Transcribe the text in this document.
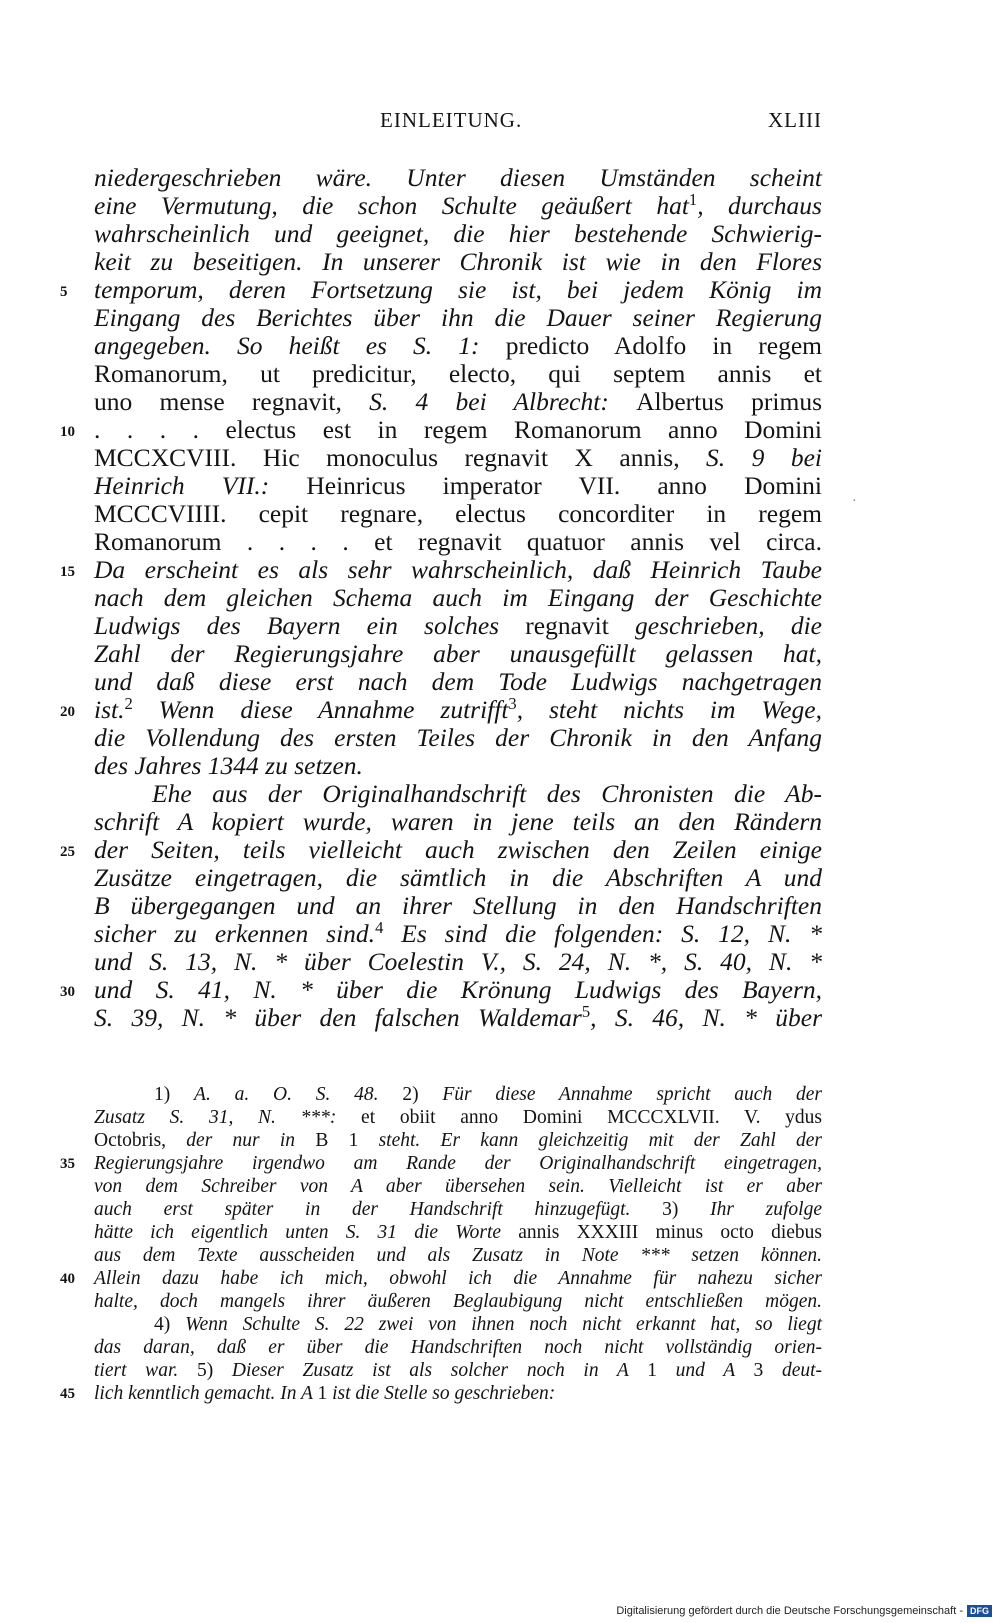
EINLEITUNG.	XLIII
niedergeschrieben wäre. Unter diesen Umständen scheint
eine Vermutung, die schon Schulte geäußert hat$^1$, durchaus
wahrscheinlich und geeignet, die hier bestehende Schwierig-
keit zu beseitigen. In unserer Chronik ist wie in den Flores
5	temporum, deren Fortsetzung sie ist, bei jedem König im
Eingang des Berichtes über ihn die Dauer seiner Regierung
angegeben. So heißt es S. 1: predicto Adolfo in regem
Romanorum, ut predicitur, electo, qui septem annis et
uno mense regnavit, S. 4 bei Albrecht: Albertus primus
10 . . . . electus est in regem Romanorum anno Domini
MCCXCVIII. Hic monoculus regnavit X annis, S. 9 bei
Heinrich VII.: Heinricus imperator VII. anno Domini
MCCCVIIII. cepit regnare, electus concorditer in regem
Romanorum . . . . et regnavit quatuor annis vel circa.
15 Da erscheint es als sehr wahrscheinlich, daß Heinrich Taube
nach dem gleichen Schema auch im Eingang der Geschichte
Ludwigs des Bayern ein solches regnavit geschrieben, die
Zahl der Regierungsjahre aber unausgefüllt gelassen hat,
und daß diese erst nach dem Tode Ludwigs nachgetragen
20 ist.$^2$ Wenn diese Annahme zutrifft$^3$, steht nichts im Wege,
die Vollendung des ersten Teiles der Chronik in den Anfang
des Jahres 1344 zu setzen.
Ehe aus der Originalhandschrift des Chronisten die Ab-
schrift A kopiert wurde, waren in jene teils an den Rändern
25 der Seiten, teils vielleicht auch zwischen den Zeilen einige
Zusätze eingetragen, die sämtlich in die Abschriften A und
B übergegangen und an ihrer Stellung in den Handschriften
sicher zu erkennen sind.$^4$ Es sind die folgenden: S. 12, N. *
und S. 13, N. * über Coelestin V., S. 24, N. *, S. 40, N. *
30 und S. 41, N. * über die Krönung Ludwigs des Bayern,
S. 39, N. * über den falschen Waldemar$^5$, S. 46, N. * über
·
1) A. a. O. S. 48. 2) Für diese Annahme spricht auch der
Zusatz S. 31, N. ***: et obiit anno Domini MCCCXLVII. V. ydus
Octobris, der nur in B 1 steht. Er kann gleichzeitig mit der Zahl der
35 Regierungsjahre irgendwo am Rande der Originalhandschrift eingetragen,
von dem Schreiber von A aber übersehen sein. Vielleicht ist er aber
auch erst später in der Handschrift hinzugefügt. 3) Ihr zufolge
hätte ich eigentlich unten S. 31 die Worte annis XXXIII minus octo diebus
aus dem Texte ausscheiden und als Zusatz in Note *** setzen können.
40 Allein dazu habe ich mich, obwohl ich die Annahme für nahezu sicher
halte, doch mangels ihrer äußeren Beglaubigung nicht entschließen mögen.
4) Wenn Schulte S. 22 zwei von ihnen noch nicht erkannt hat, so liegt
das daran, daß er über die Handschriften noch nicht vollständig orien-
tiert war. 5) Dieser Zusatz ist als solcher noch in A 1 und A 3 deut-
45 lich kenntlich gemacht. In A 1 ist die Stelle so geschrieben:
Digitalisierung gefördert durch die Deutsche Forschungsgemeinschaft - DFG
